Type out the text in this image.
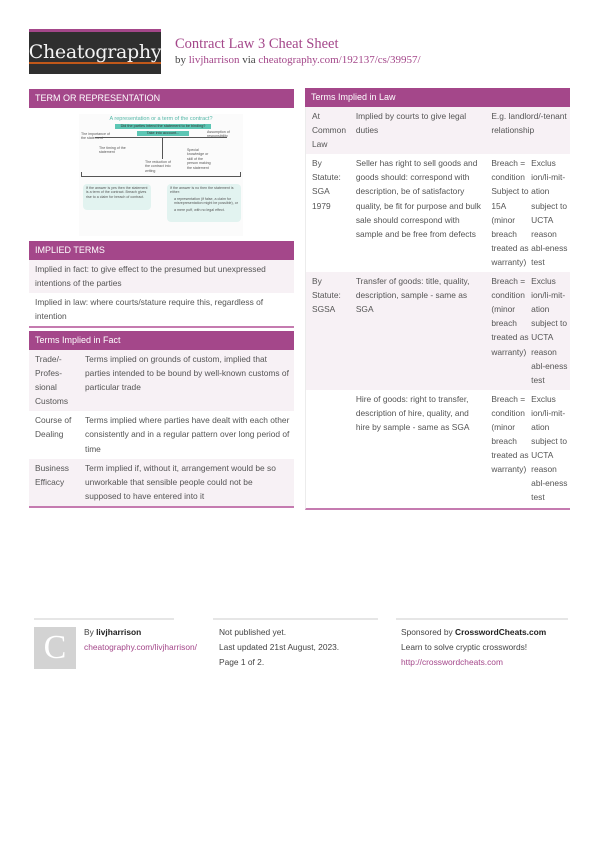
Cheatography Contract Law 3 Cheat Sheet
by livjharrison via cheatography.com/192137/cs/39957/
TERM OR REPRESENTATION
A representation or a term of the contract?
Did the parties intend the statement to be binding?
Take into account...
The importance of the statement
The timing of the statement
The reduction of the contract into writing
Special knowledge or skill of the person making the statement
Assumption of responsibility
If the answer is yes then the statement is a term of the contract. Breach gives rise to a claim for breach of contract.
If the answer is no then the statement is either:
a representation (if false, a claim for misrepresentation might be possible), or
a mere puff, with no legal effect.
IMPLIED TERMS
Implied in fact: to give effect to the presumed but unexpressed intentions of the parties
Implied in law: where courts/stature require this, regardless of intention
Terms Implied in Fact
Trade/-Profes-sional Customs
Terms implied on grounds of custom, implied that parties intended to be bound by well-known customs of particular trade
Course of Dealing
Terms implied where parties have dealt with each other consistently and in a regular pattern over long period of time
Business Efficacy
Term implied if, without it, arrangement would be so unworkable that sensible people could not be supposed to have entered into it
Terms Implied in Law
At Common Law
Implied by courts to give legal duties
E.g. landlord/-tenant relationship
By Statute: SGA 1979
Seller has right to sell goods and goods should: correspond with description, be of satisfactory quality, be fit for purpose and bulk sale should correspond with sample and be free from defects
Breach = condition Subject to 15A (minor breach treated as warranty)
Exclus ion/li-mit-ation subject to UCTA reason abl-eness test
By Statute: SGSA
Transfer of goods: title, quality, description, sample - same as SGA
Breach = condition (minor breach treated as warranty)
Exclus ion/li-mit-ation subject to UCTA reason abl-eness test
Hire of goods: right to transfer, description of hire, quality, and hire by sample - same as SGA
Breach = condition (minor breach treated as warranty)
Exclus ion/li-mit-ation subject to UCTA reason abl-eness test
C	By livjharrison
cheatography.com/livjharrison/
Not published yet.
Last updated 21st August, 2023.
Page 1 of 2.
Sponsored by CrosswordCheats.com
Learn to solve cryptic crosswords!
http://crosswordcheats.com
